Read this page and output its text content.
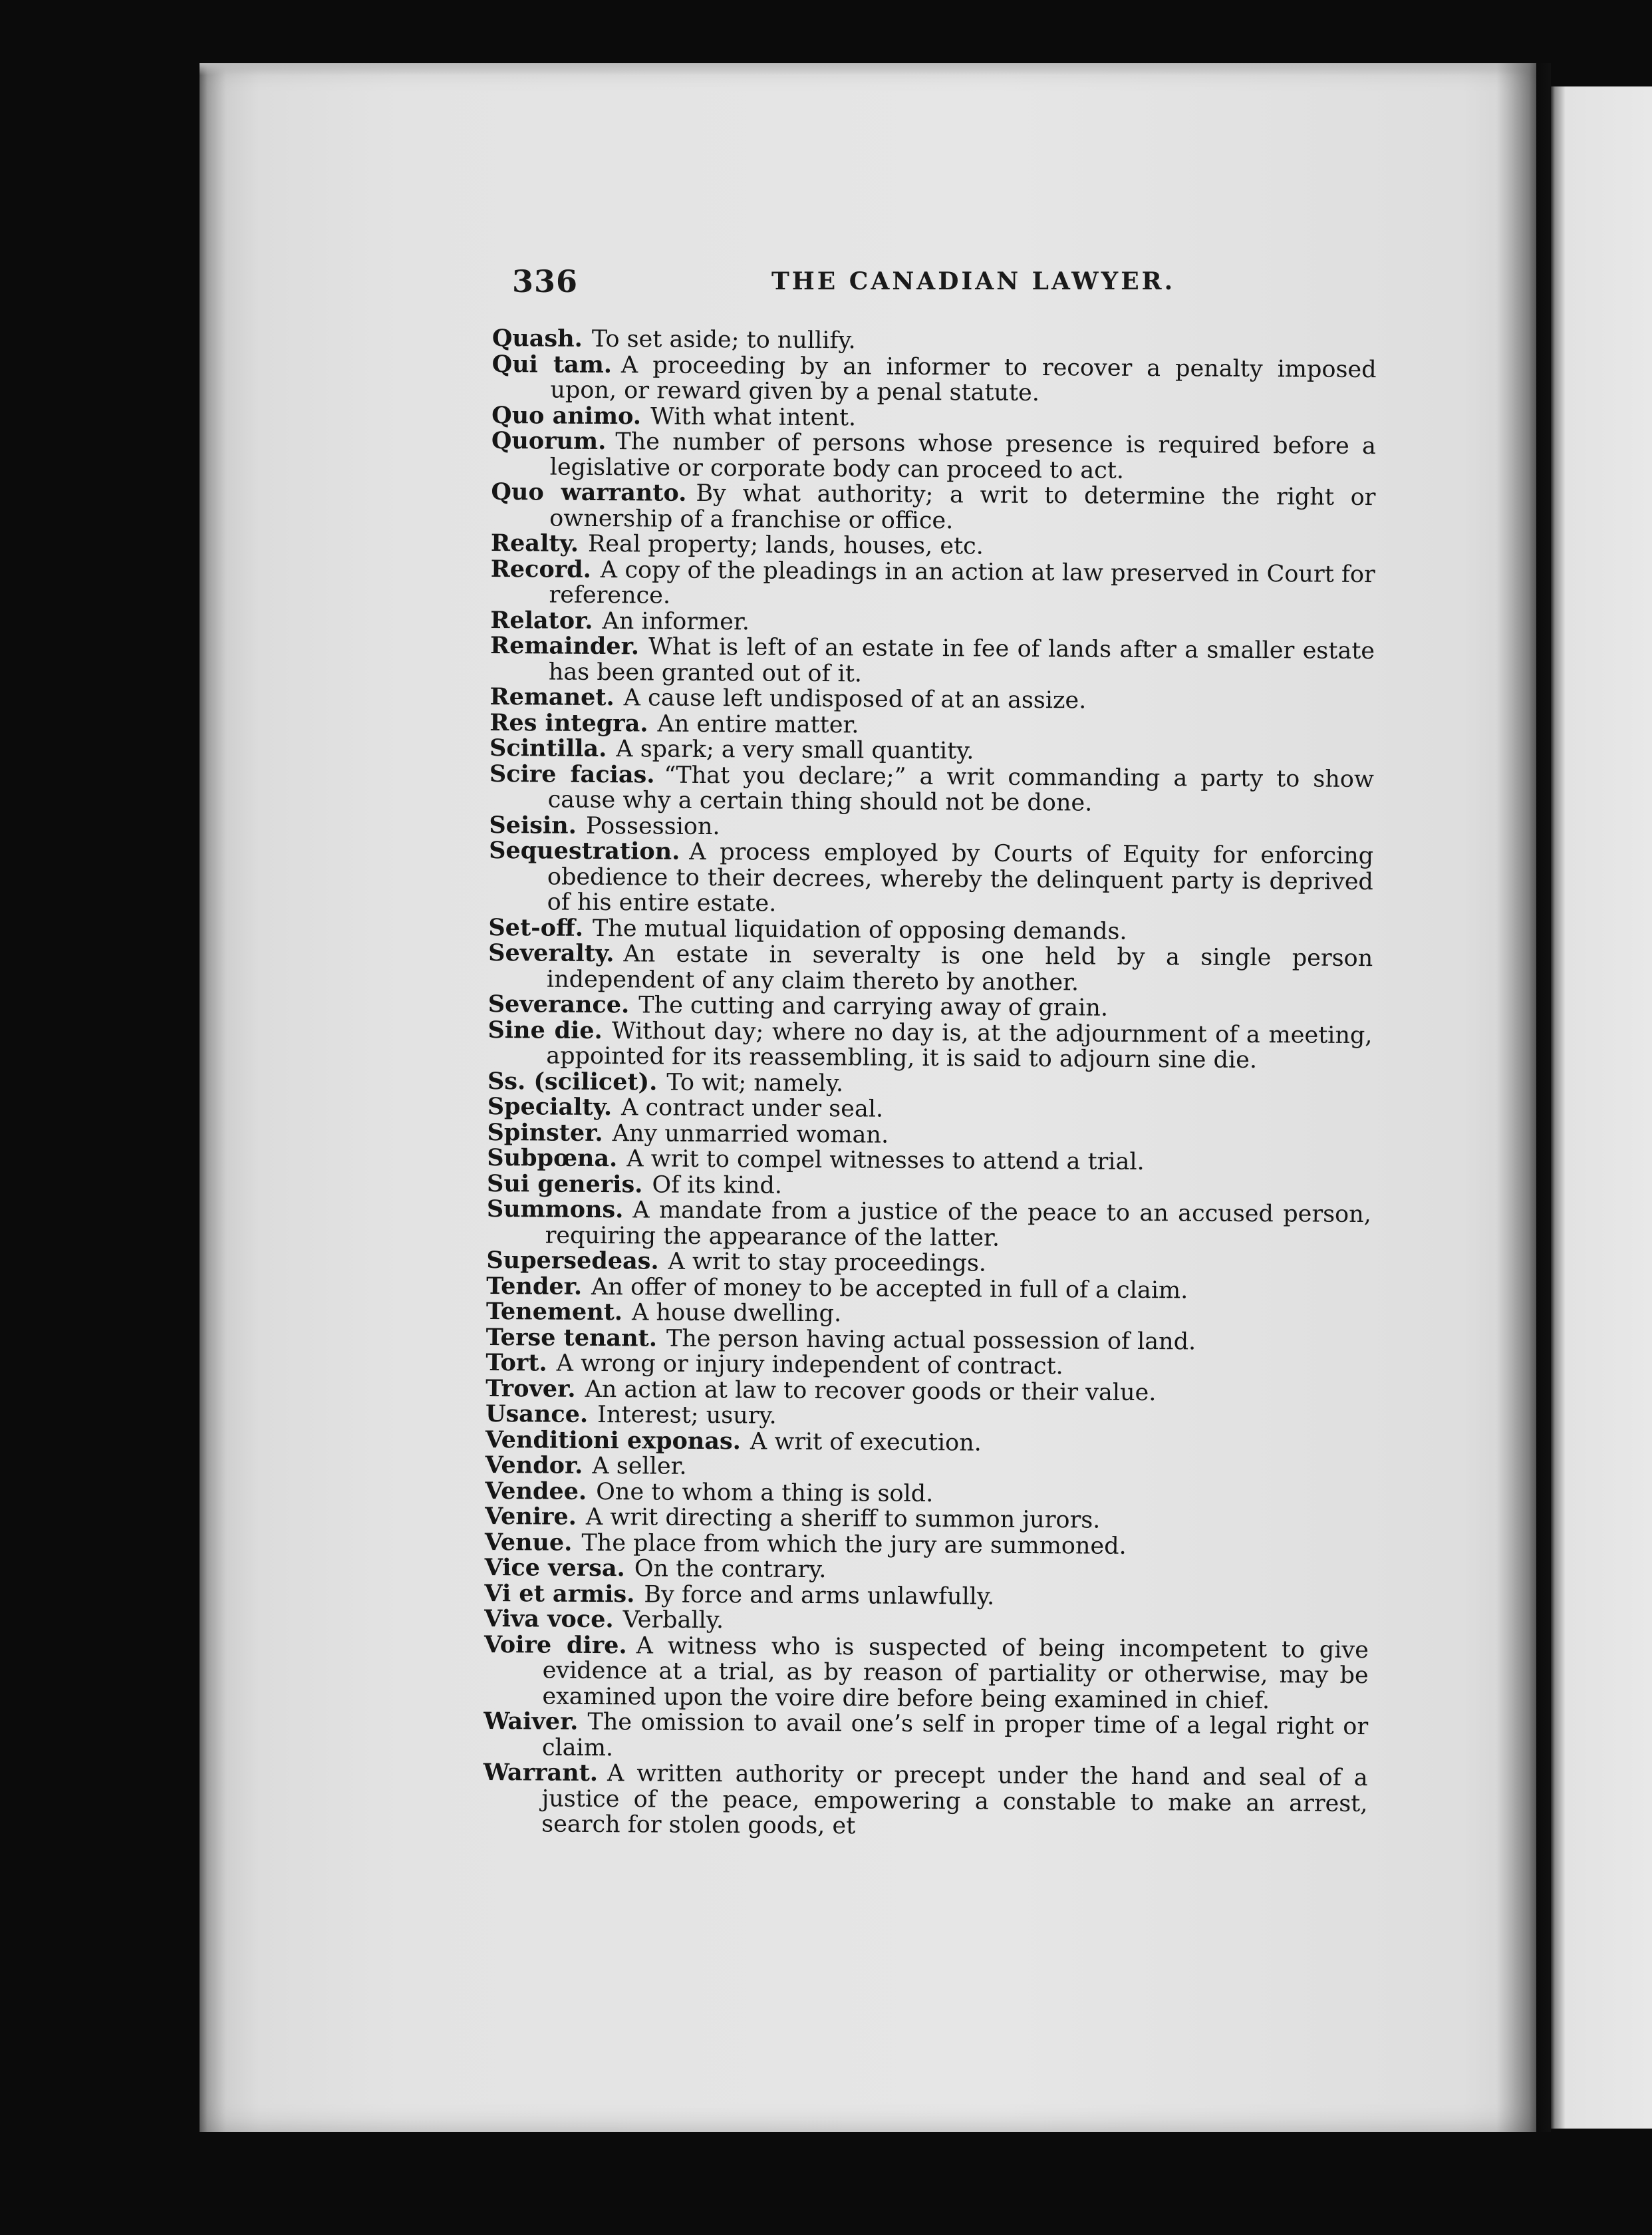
336	THE CANADIAN LAWYER.

Quash. To set aside; to nullify.

Qui tam. A proceeding by an informer to recover a penalty imposed upon, or reward given by a penal statute.

Quo animo. With what intent.

Quorum. The number of persons whose presence is required before a legislative or corporate body can proceed to act.

Quo warranto. By what authority; a writ to determine the right or ownership of a franchise or office.

Realty. Real property; lands, houses, etc.

Record. A copy of the pleadings in an action at law preserved in Court for reference.

Relator. An informer.

Remainder. What is left of an estate in fee of lands after a smaller estate has been granted out of it.

Remanet. A cause left undisposed of at an assize.

Res integra. An entire matter.

Scintilla. A spark; a very small quantity.

Scire facias. “That you declare;” a writ commanding a party to show cause why a certain thing should not be done.

Seisin. Possession.

Sequestration. A process employed by Courts of Equity for enforcing obedience to their decrees, whereby the delinquent party is deprived of his entire estate.

Set-off. The mutual liquidation of opposing demands.

Severalty. An estate in severalty is one held by a single person independent of any claim thereto by another.

Severance. The cutting and carrying away of grain.

Sine die. Without day; where no day is, at the adjournment of a meeting, appointed for its reassembling, it is said to adjourn sine die.

Ss. (scilicet). To wit; namely.

Specialty. A contract under seal.

Spinster. Any unmarried woman.

Subpœna. A writ to compel witnesses to attend a trial.

Sui generis. Of its kind.

Summons. A mandate from a justice of the peace to an accused person, requiring the appearance of the latter.

Supersedeas. A writ to stay proceedings.

Tender. An offer of money to be accepted in full of a claim.

Tenement. A house dwelling.

Terse tenant. The person having actual possession of land.

Tort. A wrong or injury independent of contract.

Trover. An action at law to recover goods or their value.

Usance. Interest; usury.

Venditioni exponas. A writ of execution.

Vendor. A seller.

Vendee. One to whom a thing is sold.

Venire. A writ directing a sheriff to summon jurors.

Venue. The place from which the jury are summoned.

Vice versa. On the contrary.

Vi et armis. By force and arms unlawfully.

Viva voce. Verbally.

Voire dire. A witness who is suspected of being incompetent to give evidence at a trial, as by reason of partiality or otherwise, may be examined upon the voire dire before being examined in chief.

Waiver. The omission to avail one’s self in proper time of a legal right or claim.

Warrant. A written authority or precept under the hand and seal of a justice of the peace, empowering a constable to make an arrest, search for stolen goods, et
